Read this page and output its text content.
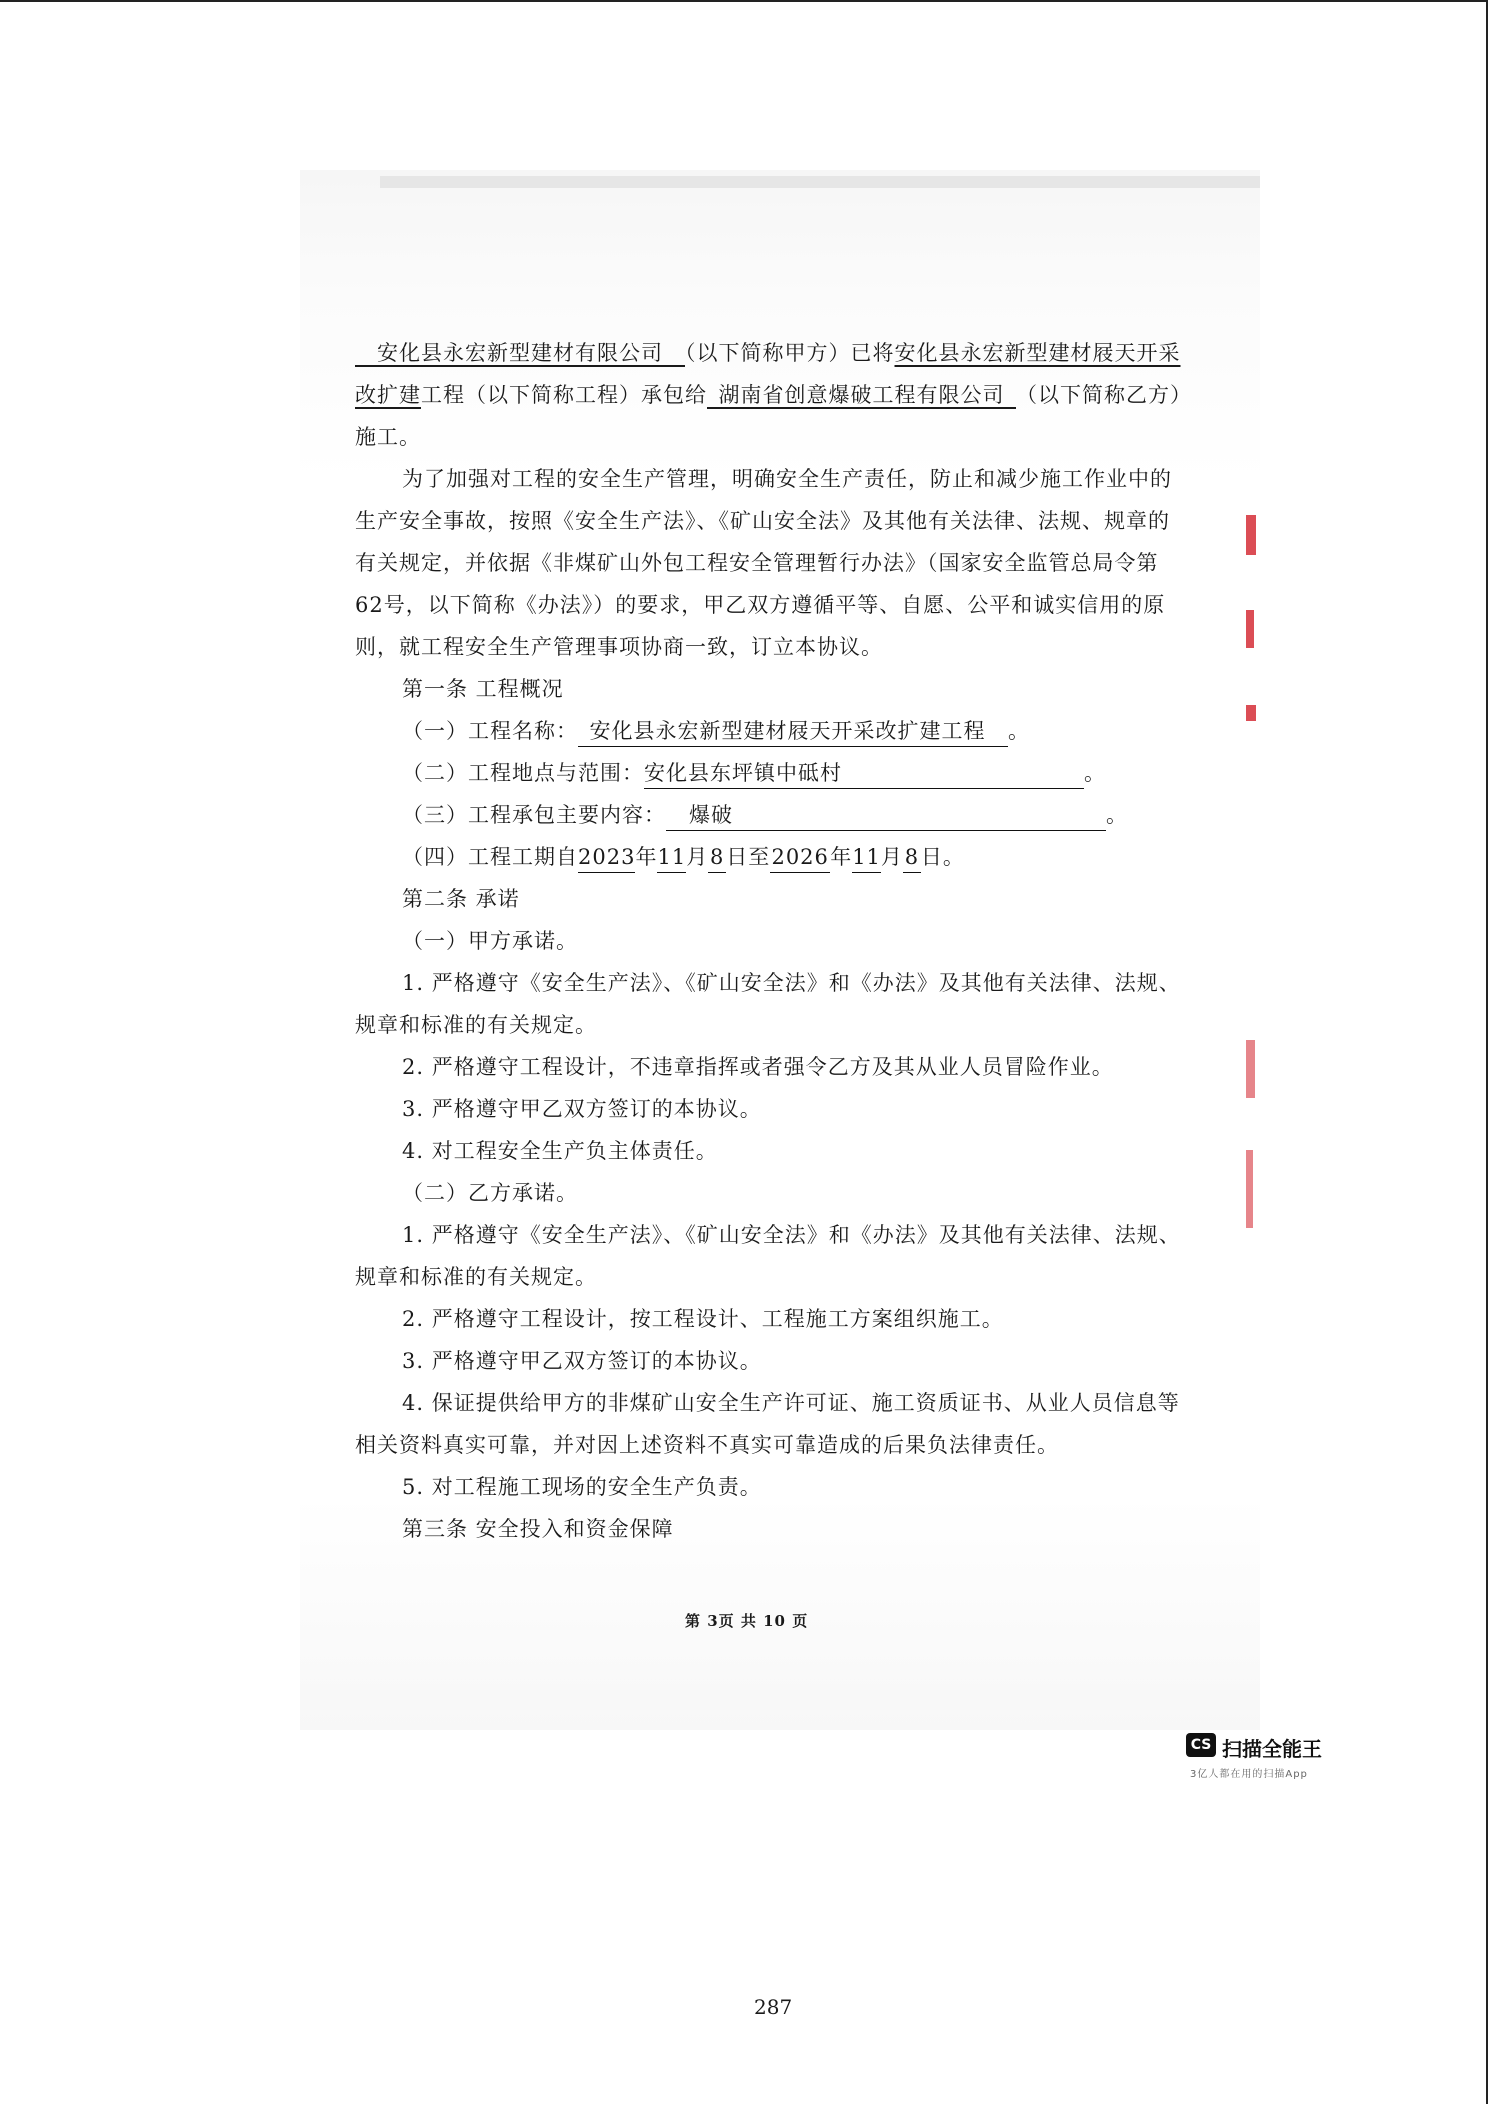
　安化县永宏新型建材有限公司　 （以下简称甲方）已将安化县永宏新型建材屐天开采
改扩建工程（以下简称工程）承包给  湖南省创意爆破工程有限公司  （以下简称乙方）
施工。
为了加强对工程的安全生产管理，明确安全生产责任，防止和减少施工作业中的
生产安全事故，按照《安全生产法》、《矿山安全法》及其他有关法律、法规、规章的
有关规定，并依据《非煤矿山外包工程安全管理暂行办法》（国家安全监管总局令第
62号，以下简称《办法》）的要求，甲乙双方遵循平等、自愿、公平和诚实信用的原
则，就工程安全生产管理事项协商一致，订立本协议。
第一条 工程概况
（一）工程名称：  安化县永宏新型建材屐天开采改扩建工程 。
（二）工程地点与范围：安化县东坪镇中砥村	。
（三）工程承包主要内容：   爆破	。
（四）工程工期自2023年11月8日至2026年11月8日。
第二条 承诺
（一）甲方承诺。
1. 严格遵守《安全生产法》、《矿山安全法》和《办法》及其他有关法律、法规、
规章和标准的有关规定。
2. 严格遵守工程设计，不违章指挥或者强令乙方及其从业人员冒险作业。
3. 严格遵守甲乙双方签订的本协议。
4. 对工程安全生产负主体责任。
（二）乙方承诺。
1. 严格遵守《安全生产法》、《矿山安全法》和《办法》及其他有关法律、法规、
规章和标准的有关规定。
2. 严格遵守工程设计，按工程设计、工程施工方案组织施工。
3. 严格遵守甲乙双方签订的本协议。
4. 保证提供给甲方的非煤矿山安全生产许可证、施工资质证书、从业人员信息等
相关资料真实可靠，并对因上述资料不真实可靠造成的后果负法律责任。
5. 对工程施工现场的安全生产负责。
第三条 安全投入和资金保障
第 3页 共 10 页
CS 扫描全能王
3亿人都在用的扫描App
287
